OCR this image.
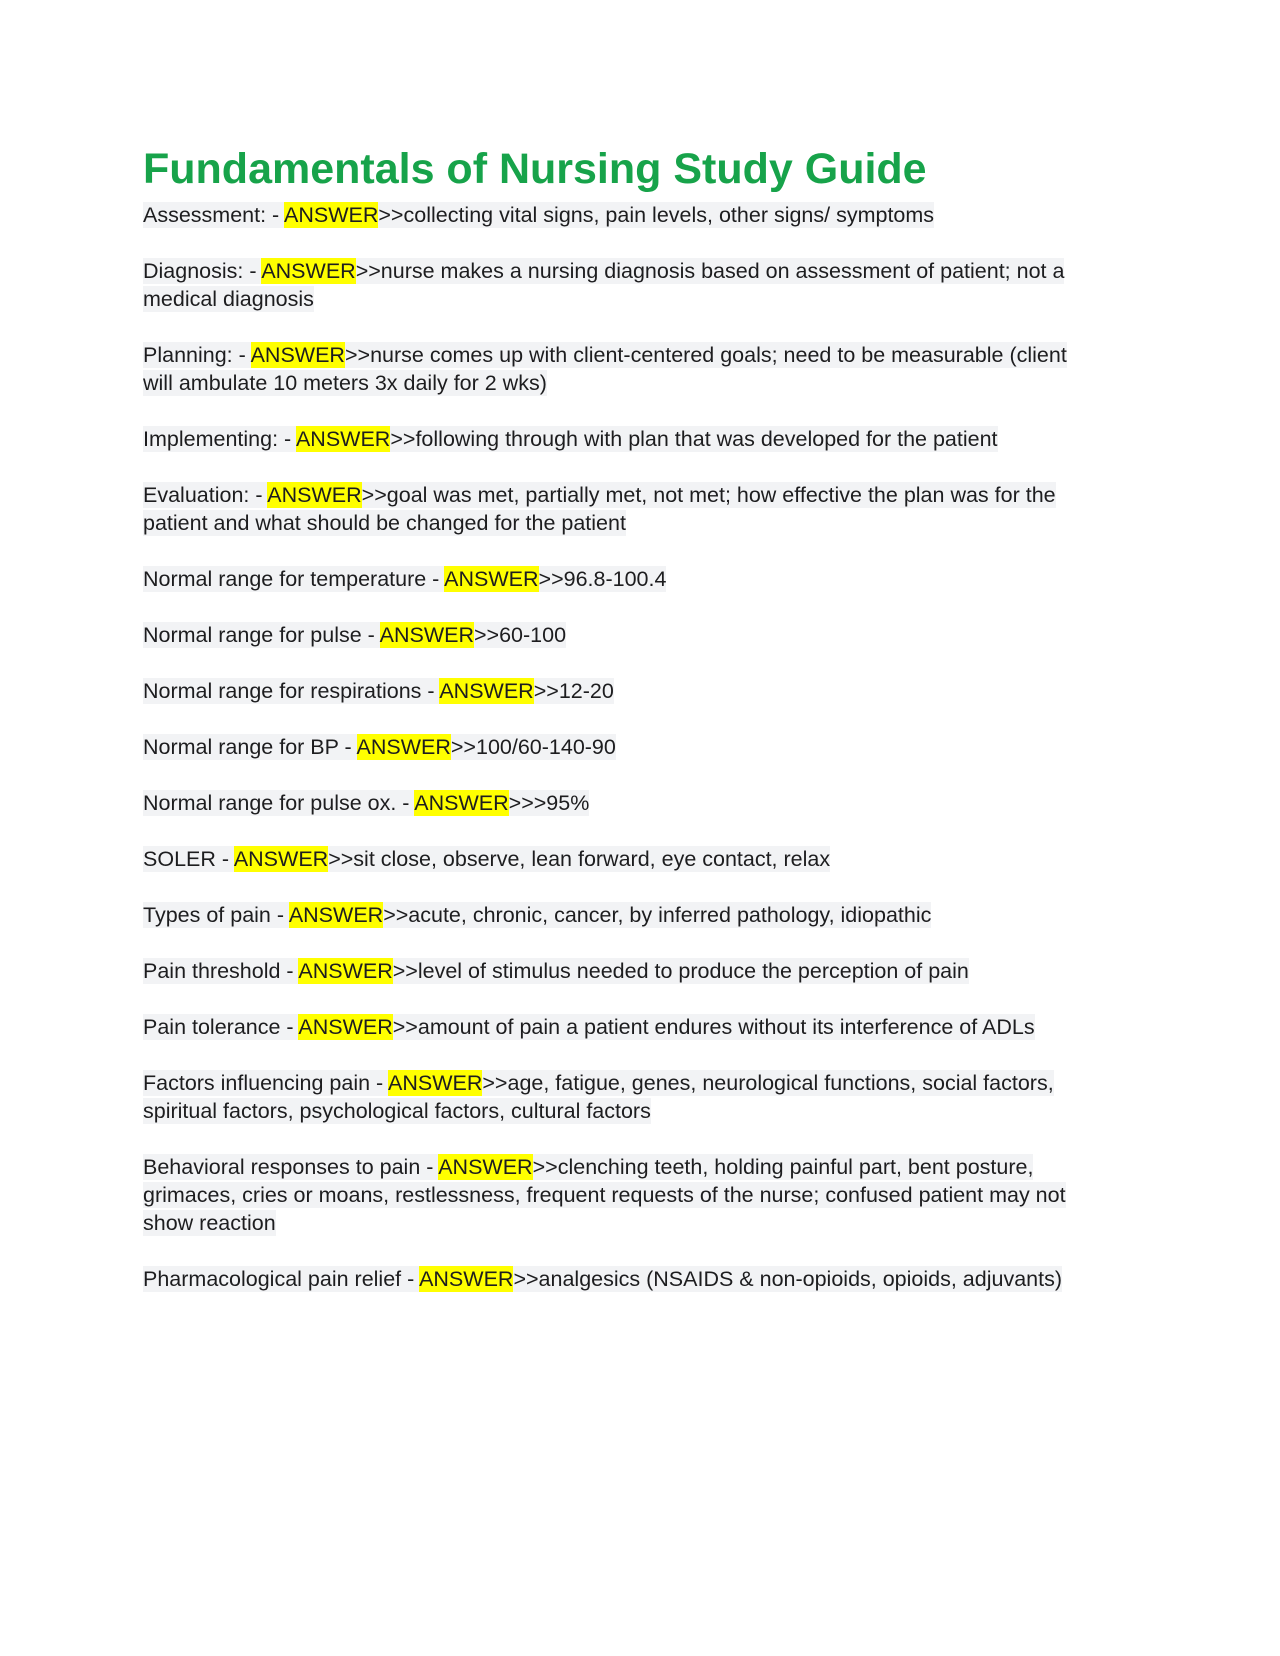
Fundamentals of Nursing Study Guide

Assessment: - ANSWER>>collecting vital signs, pain levels, other signs/ symptoms

Diagnosis: - ANSWER>>nurse makes a nursing diagnosis based on assessment of patient; not a medical diagnosis

Planning: - ANSWER>>nurse comes up with client-centered goals; need to be measurable (client will ambulate 10 meters 3x daily for 2 wks)

Implementing: - ANSWER>>following through with plan that was developed for the patient

Evaluation: - ANSWER>>goal was met, partially met, not met; how effective the plan was for the patient and what should be changed for the patient

Normal range for temperature - ANSWER>>96.8-100.4

Normal range for pulse - ANSWER>>60-100

Normal range for respirations - ANSWER>>12-20

Normal range for BP - ANSWER>>100/60-140-90

Normal range for pulse ox. - ANSWER>>>95%

SOLER - ANSWER>>sit close, observe, lean forward, eye contact, relax

Types of pain - ANSWER>>acute, chronic, cancer, by inferred pathology, idiopathic

Pain threshold - ANSWER>>level of stimulus needed to produce the perception of pain

Pain tolerance - ANSWER>>amount of pain a patient endures without its interference of ADLs

Factors influencing pain - ANSWER>>age, fatigue, genes, neurological functions, social factors, spiritual factors, psychological factors, cultural factors

Behavioral responses to pain - ANSWER>>clenching teeth, holding painful part, bent posture, grimaces, cries or moans, restlessness, frequent requests of the nurse; confused patient may not show reaction

Pharmacological pain relief - ANSWER>>analgesics (NSAIDS & non-opioids, opioids, adjuvants)
